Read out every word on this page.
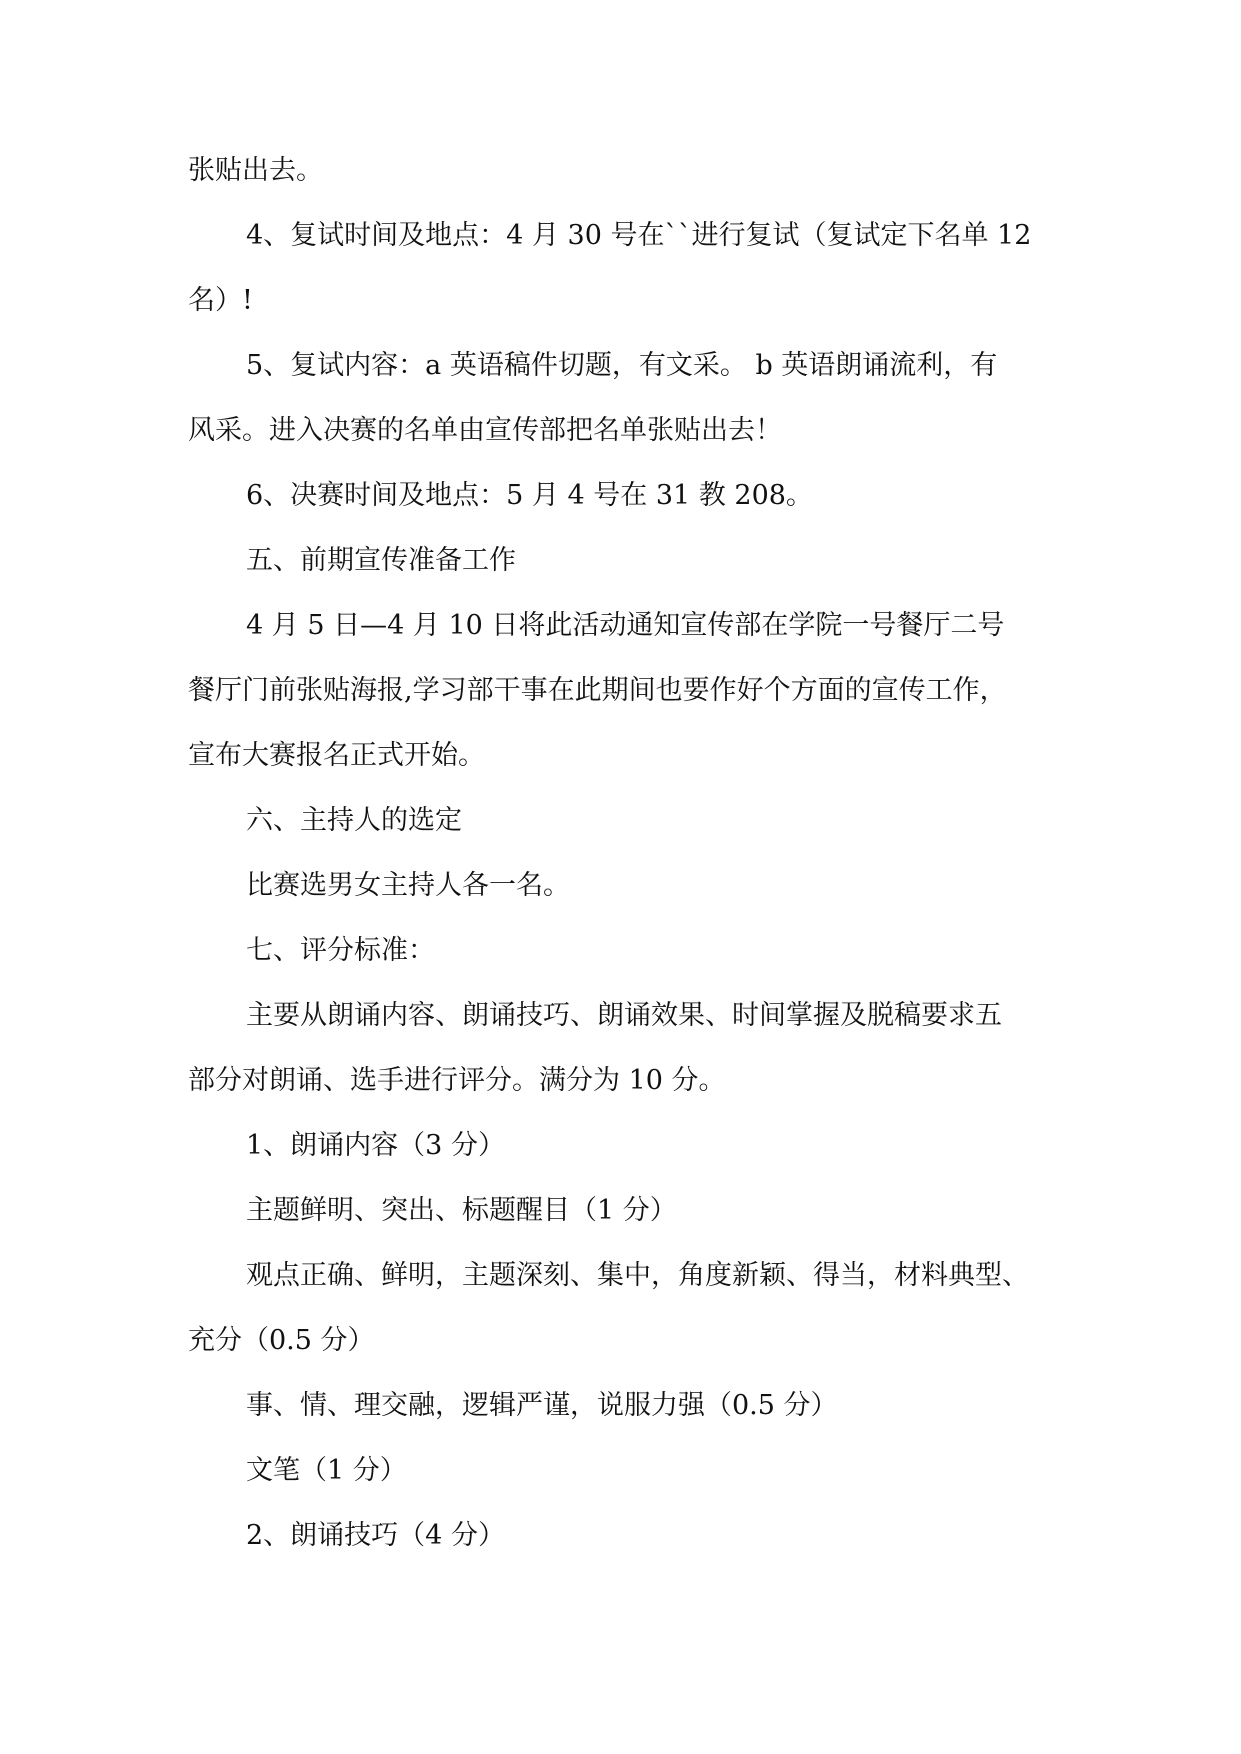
张贴出去。
4、复试时间及地点：4 月 30 号在``进行复试（复试定下名单 12
名）!
5、复试内容：a 英语稿件切题，有文采。 b 英语朗诵流利，有
风采。进入决赛的名单由宣传部把名单张贴出去！
6、决赛时间及地点：5 月 4 号在 31 教 208。
五、前期宣传准备工作
4 月 5 日—4 月 10 日将此活动通知宣传部在学院一号餐厅二号
餐厅门前张贴海报,学习部干事在此期间也要作好个方面的宣传工作，
宣布大赛报名正式开始。
六、主持人的选定
比赛选男女主持人各一名。
七、评分标准：
主要从朗诵内容、朗诵技巧、朗诵效果、时间掌握及脱稿要求五
部分对朗诵、选手进行评分。满分为 10 分。
1、朗诵内容（3 分）
主题鲜明、突出、标题醒目（1 分）
观点正确、鲜明，主题深刻、集中，角度新颖、得当，材料典型、
充分（0.5 分）
事、情、理交融，逻辑严谨，说服力强（0.5 分）
文笔（1 分）
2、朗诵技巧（4 分）
